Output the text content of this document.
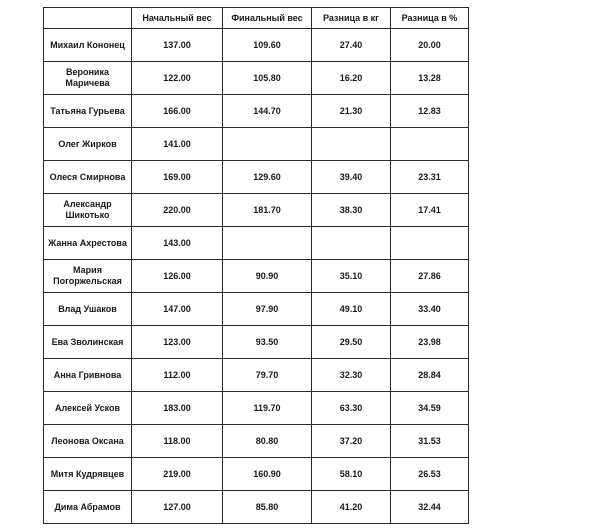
	Начальный вес	Финальный вес	Разница в кг	Разница в %
Михаил Кононец	137.00	109.60	27.40	20.00
Вероника Маричева	122.00	105.80	16.20	13.28
Татьяна Гурьева	166.00	144.70	21.30	12.83
Олег Жирков	141.00			
Олеся Смирнова	169.00	129.60	39.40	23.31
Александр Шикотько	220.00	181.70	38.30	17.41
Жанна Ахрестова	143.00			
Мария Погоржельская	126.00	90.90	35.10	27.86
Влад Ушаков	147.00	97.90	49.10	33.40
Ева Зволинская	123.00	93.50	29.50	23.98
Анна Гривнова	112.00	79.70	32.30	28.84
Алексей Усков	183.00	119.70	63.30	34.59
Леонова Оксана	118.00	80.80	37.20	31.53
Митя Кудрявцев	219.00	160.90	58.10	26.53
Дима Абрамов	127.00	85.80	41.20	32.44
